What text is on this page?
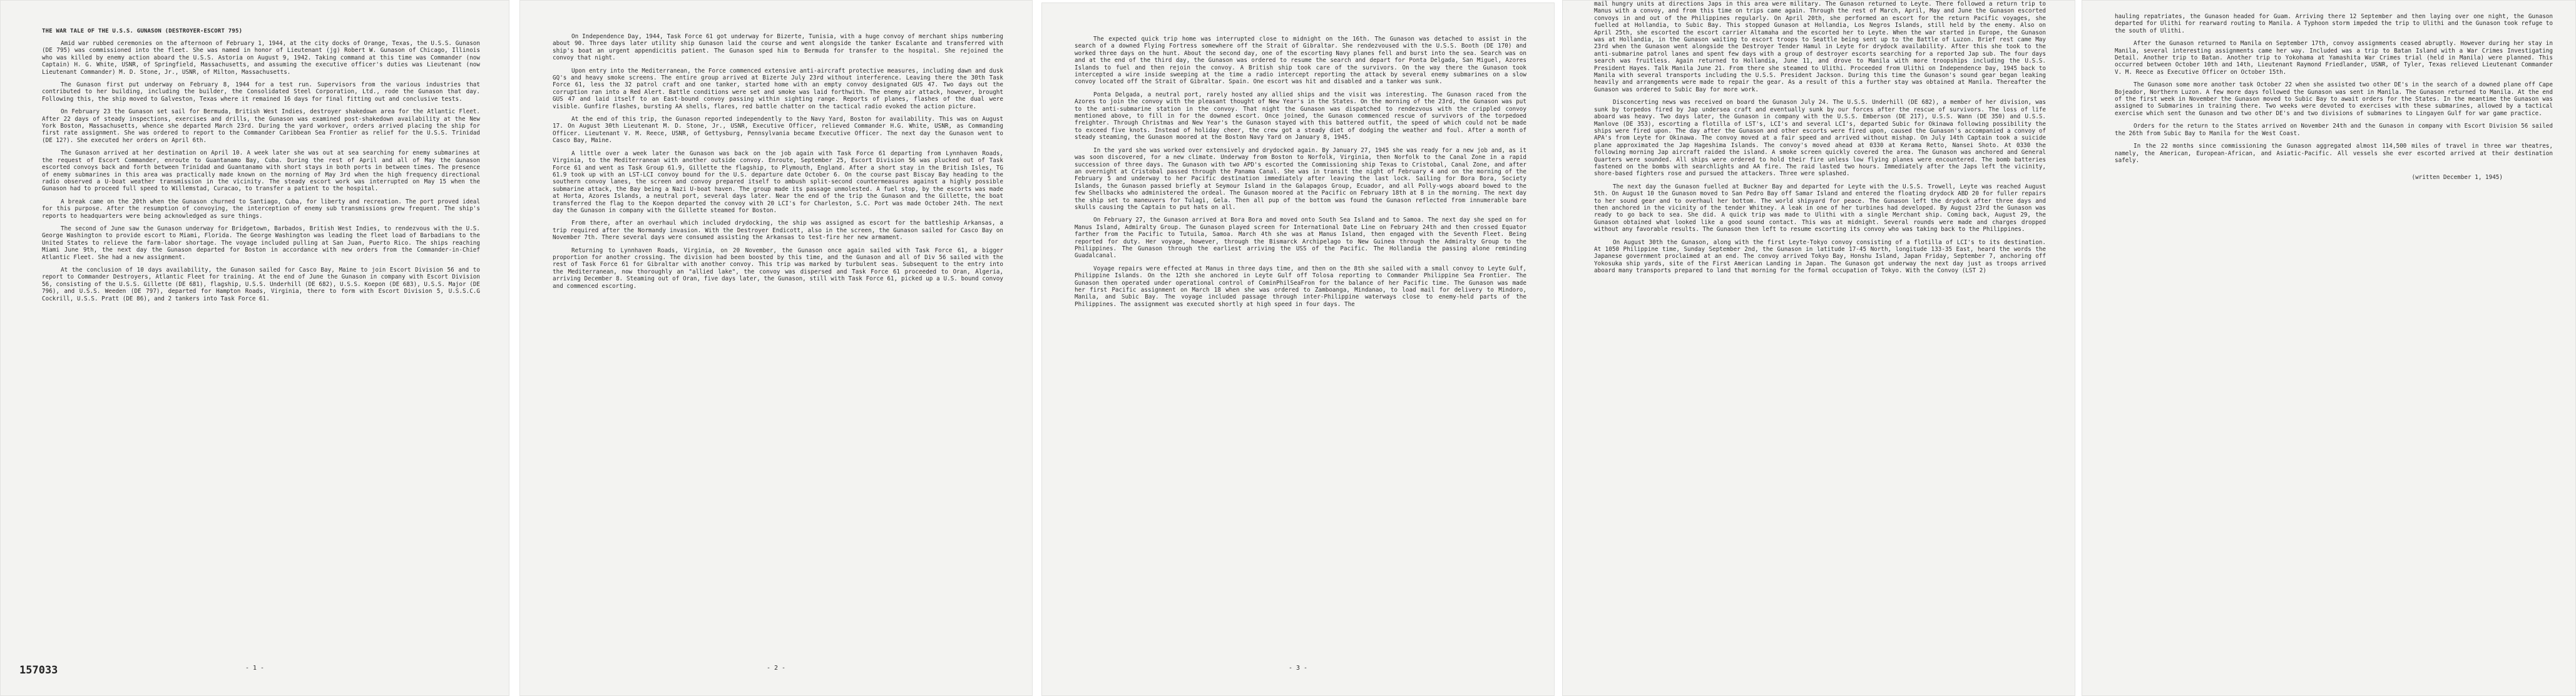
THE WAR TALE OF THE U.S.S. GUNASON (DESTROYER-ESCORT 795)

Amid war rubbed ceremonies on the afternoon of February 1, 1944, at the city docks of Orange, Texas, the U.S.S. Gunason (DE 795) was commissioned into the fleet. She was named in honor of Lieutenant (jg) Robert W. Gunason of Chicago, Illinois who was killed by enemy action aboard the U.S.S. Astoria on August 9, 1942. Taking command at this time was Commander (now Captain) H. G. White, USNR, of Springfield, Massachusetts, and assuming the executive officer's duties was Lieutenant (now Lieutenant Commander) M. D. Stone, Jr., USNR, of Milton, Massachusetts.

The Gunason first put underway on February 8, 1944 for a test run. Supervisors from the various industries that contributed to her building, including the builder, the Consolidated Steel Corporation, Ltd., rode the Gunason that day. Following this, the ship moved to Galveston, Texas where it remained 16 days for final fitting out and conclusive tests.

On February 23 the Gunason set sail for Bermuda, British West Indies, destroyer shakedown area for the Atlantic Fleet. After 22 days of steady inspections, exercises and drills, the Gunason was examined post-shakedown availability at the New York Boston, Massachusetts, whence she departed March 23rd. During the yard workover, orders arrived placing the ship for first rate assignment. She was ordered to report to the Commander Caribbean Sea Frontier as relief for the U.S.S. Trinidad (DE 12?). She executed her orders on April 6th.

The Gunason arrived at her destination on April 10. A week later she was out at sea searching for enemy submarines at the request of Escort Commander, enroute to Guantanamo Bay, Cuba. During the rest of April and all of May the Gunason escorted convoys back and forth between Trinidad and Guantanamo with short stays in both ports in between times. The presence of enemy submarines in this area was practically made known on the morning of May 3rd when the high frequency directional radio observed a U-boat weather transmission in the vicinity. The steady escort work was interrupted on May 15 when the Gunason had to proceed full speed to Willemstad, Curacao, to transfer a patient to the hospital.

A break came on the 20th when the Gunason churned to Santiago, Cuba, for liberty and recreation. The port proved ideal for this purpose. After the resumption of convoying, the interception of enemy sub transmissions grew frequent. The ship's reports to headquarters were being acknowledged as sure things.

The second of June saw the Gunason underway for Bridgetown, Barbados, British West Indies, to rendezvous with the U.S. George Washington to provide escort to Miami, Florida. The George Washington was leading the fleet load of Barbadians to the United States to relieve the farm-labor shortage. The voyage included pulling at San Juan, Puerto Rico. The ships reaching Miami June 9th, the next day the Gunason departed for Boston in accordance with new orders from the Commander-in-Chief Atlantic Fleet. She had a new assignment.

At the conclusion of 10 days availability, the Gunason sailed for Casco Bay, Maine to join Escort Division 56 and to report to Commander Destroyers, Atlantic Fleet for training. At the end of June the Gunason in company with Escort Division 56, consisting of the U.S.S. Gillette (DE 681), flagship, U.S.S. Underhill (DE 682), U.S.S. Koepon (DE 683), U.S.S. Major (DE 796), and U.S.S. Weeden (DE 797), departed for Hampton Roads, Virginia, there to form with Escort Division 5, U.S.S.C.G Cockrill, U.S.S. Pratt (DE 86), and 2 tankers into Task Force 61.

157033	- 1 -

On Independence Day, 1944, Task Force 61 got underway for Bizerte, Tunisia, with a huge convoy of merchant ships numbering about 90. Three days later utility ship Gunason laid the course and went alongside the tanker Escalante and transferred with ship's boat an urgent appendicitis patient. The Gunason sped him to Bermuda for transfer to the hospital. She rejoined the convoy that night.

Upon entry into the Mediterranean, the Force commenced extensive anti-aircraft protective measures, including dawn and dusk GQ's and heavy smoke screens. The entire group arrived at Bizerte July 23rd without interference. Leaving there the 30th Task Force 61, less the 32 patrol craft and one tanker, started home with an empty convoy designated GUS 47. Two days out the corruption ran into a Red Alert. Battle conditions were set and smoke was laid forthwith. The enemy air attack, however, brought GUS 47 and laid itself to an East-bound convoy passing within sighting range. Reports of planes, flashes of the dual were visible. Gunfire flashes, bursting AA shells, flares, red battle chatter on the tactical radio evoked the action picture.

At the end of this trip, the Gunason reported independently to the Navy Yard, Boston for availability. This was on August 17. On August 30th Lieutenant M. D. Stone, Jr., USNR, Executive Officer, relieved Commander H.G. White, USNR, as Commanding Officer. Lieutenant V. M. Reece, USNR, of Gettysburg, Pennsylvania became Executive Officer. The next day the Gunason went to Casco Bay, Maine.

A little over a week later the Gunason was back on the job again with Task Force 61 departing from Lynnhaven Roads, Virginia, to the Mediterranean with another outside convoy. Enroute, September 25, Escort Division 56 was plucked out of Task Force 61 and went as Task Group 61.9, Gillette the flagship, to Plymouth, England. After a short stay in the British Isles, TG 61.9 took up with an LST-LCI convoy bound for the U.S. departure date October 6. On the course past Biscay Bay heading to the southern convoy lanes, the screen and convoy prepared itself to ambush split-second countermeasures against a highly possible submarine attack, the Bay being a Nazi U-boat haven. The group made its passage unmolested. A fuel stop, by the escorts was made at Horta, Azores Islands, a neutral port, several days later. Near the end of the trip the Gunason and the Gillette, the boat transferred the flag to the Koepon departed the convoy with 20 LCI's for Charleston, S.C. Port was made October 24th. The next day the Gunason in company with the Gillette steamed for Boston.

From there, after an overhaul which included drydocking, the ship was assigned as escort for the battleship Arkansas, a trip required after the Normandy invasion. With the Destroyer Endicott, also in the screen, the Gunason sailed for Casco Bay on November 7th. There several days were consumed assisting the Arkansas to test-fire her new armament.

Returning to Lynnhaven Roads, Virginia, on 20 November, the Gunason once again sailed with Task Force 61, a bigger proportion for another crossing. The division had been boosted by this time, and the Gunason and all of Div 56 sailed with the rest of Task Force 61 for Gibraltar with another convoy. This trip was marked by turbulent seas. Subsequent to the entry into the Mediterranean, now thoroughly an "allied lake", the convoy was dispersed and Task Force 61 proceeded to Oran, Algeria, arriving December 8. Steaming out of Oran, five days later, the Gunason, still with Task Force 61, picked up a U.S. bound convoy and commenced escorting.

- 2 -

The expected quick trip home was interrupted close to midnight on the 16th. The Gunason was detached to assist in the search of a downed Flying Fortress somewhere off the Strait of Gibraltar. She rendezvoused with the U.S.S. Booth (DE 170) and worked three days on the hunt. About the second day, one of the escorting Navy planes fell and burst into the sea. Search was on and at the end of the third day, the Gunason was ordered to resume the search and depart for Ponta Delgada, San Miguel, Azores Islands to fuel and then rejoin the convoy. A British ship took care of the survivors. On the way there the Gunason took intercepted a wire inside sweeping at the time a radio intercept reporting the attack by several enemy submarines on a slow convoy located off the Strait of Gibraltar. Spain. One escort was hit and disabled and a tanker was sunk.

Ponta Delgada, a neutral port, rarely hosted any allied ships and the visit was interesting. The Gunason raced from the Azores to join the convoy with the pleasant thought of New Year's in the States. On the morning of the 23rd, the Gunason was put to the anti-submarine station in the convoy. That night the Gunason was dispatched to rendezvous with the crippled convoy mentioned above, to fill in for the downed escort. Once joined, the Gunason commenced rescue of survivors of the torpedoed freighter. Through Christmas and New Year's the Gunason stayed with this battered outfit, the speed of which could not be made to exceed five knots. Instead of holiday cheer, the crew got a steady diet of dodging the weather and foul. After a month of steady steaming, the Gunason moored at the Boston Navy Yard on January 8, 1945.

In the yard she was worked over extensively and drydocked again. By January 27, 1945 she was ready for a new job and, as it was soon discovered, for a new climate. Underway from Boston to Norfolk, Virginia, then Norfolk to the Canal Zone in a rapid succession of three days. The Gunason with two APD's escorted the Commissioning ship Texas to Cristobal, Canal Zone, and after an overnight at Cristobal passed through the Panama Canal. She was in transit the night of February 4 and on the morning of the February 5 and underway to her Pacific destination immediately after leaving the last lock. Sailing for Bora Bora, Society Islands, the Gunason passed briefly at Seymour Island in the Galapagos Group, Ecuador, and all Polly-wogs aboard bowed to the few Shellbacks who administered the ordeal. The Gunason moored at the Pacific on February 18th at 8 in the morning. The next day the ship set to maneuvers for Tulagi, Gela. Then all pup of the bottom was found the Gunason reflected from innumerable bare skulls causing the Captain to put hats on all.

On February 27, the Gunason arrived at Bora Bora and moved onto South Sea Island and to Samoa. The next day she sped on for Manus Island, Admiralty Group. The Gunason played screen for International Date Line on February 24th and then crossed Equator farther from the Pacific to Tutuila, Samoa. March 4th she was at Manus Island, then engaged with the Seventh Fleet. Being reported for duty. Her voyage, however, through the Bismarck Archipelago to New Guinea through the Admiralty Group to the Philippines. The Gunason through the earliest arriving the USS of the Pacific. The Hollandia the passing alone reminding Guadalcanal.

Voyage repairs were effected at Manus in three days time, and then on the 8th she sailed with a small convoy to Leyte Gulf, Philippine Islands. On the 12th she anchored in Leyte Gulf off Tolosa reporting to Commander Philippine Sea Frontier. The Gunason then operated under operational control of CominPhilSeaFron for the balance of her Pacific time. The Gunason was made her first Pacific assignment on March 18 when she was ordered to Zamboanga, Mindanao, to load mail for delivery to Mindoro, Manila, and Subic Bay. The voyage included passage through inter-Philippine waterways close to enemy-held parts of the Philippines. The assignment was executed shortly at high speed in four days. The

- 3 -

mail hungry units at directions Japs in this area were military. The Gunason returned to Leyte. There followed a return trip to Manus with a convoy, and from this time on trips came again. Through the rest of March, April, May and June the Gunason escorted convoys in and out of the Philippines regularly. On April 20th, she performed an escort for the return Pacific voyages, she fuelled at Hollandia, to Subic Bay. This stopped Gunason at Hollandia, Los Negros Islands, still held by the enemy. Also on April 25th, she escorted the escort carrier Altamaha and the escorted her to Leyte. When the war started in Europe, the Gunason was at Hollandia, in the Gunason waiting to escort troops to Seattle being sent up to the Battle of Luzon. Brief rest came May 23rd when the Gunason went alongside the Destroyer Tender Hamul in Leyte for drydock availability. After this she took to the anti-submarine patrol lanes and spent few days with a group of destroyer escorts searching for a reported Jap sub. The four days search was fruitless. Again returned to Hollandia, June 11, and drove to Manila with more troopships including the U.S.S. President Hayes. Talk Manila June 21. From there she steamed to Ulithi. Proceeded from Ulithi on Independence Day, 1945 back to Manila with several transports including the U.S.S. President Jackson. During this time the Gunason's sound gear began leaking heavily and arrangements were made to repair the gear. As a result of this a further stay was obtained at Manila. Thereafter the Gunason was ordered to Subic Bay for more work.

Disconcerting news was received on board the Gunason July 24. The U.S.S. Underhill (DE 682), a member of her division, was sunk by torpedos fired by Jap undersea craft and eventually sunk by our forces after the rescue of survivors. The loss of life aboard was heavy. Two days later, the Gunason in company with the U.S.S. Emberson (DE 217), U.S.S. Wann (DE 350) and U.S.S. Manlove (DE 353), escorting a flotilla of LST's, LCI's and several LCI's, departed Subic for Okinawa following possibility the ships were fired upon. The day after the Gunason and other escorts were fired upon, caused the Gunason's accompanied a convoy of APA's from Leyte for Okinawa. The convoy moved at a fair speed and arrived without mishap. On July 14th Captain took a suicide plane approximated the Jap Hageshima Islands. The convoy's moved ahead at 0330 at Kerama Retto, Nansei Shoto. At 0330 the following morning Jap aircraft raided the island. A smoke screen quickly covered the area. The Gunason was anchored and General Quarters were sounded. All ships were ordered to hold their fire unless low flying planes were encountered. The bomb batteries fastened on the bombs with searchlights and AA fire. The raid lasted two hours. Immediately after the Japs left the vicinity, shore-based fighters rose and pursued the attackers. Three were splashed.

The next day the Gunason fuelled at Buckner Bay and departed for Leyte with the U.S.S. Trowell, Leyte was reached August 5th. On August 10 the Gunason moved to San Pedro Bay off Samar Island and entered the floating drydock ABD 20 for fuller repairs to her sound gear and to overhaul her bottom. The world shipyard for peace. The Gunason left the drydock after three days and then anchored in the vicinity of the tender Whitney. A leak in one of her turbines had developed. By August 23rd the Gunason was ready to go back to sea. She did. A quick trip was made to Ulithi with a single Merchant ship. Coming back, August 29, the Gunason obtained what looked like a good sound contact. This was at midnight. Several rounds were made and charges dropped without any favorable results. The Gunason then left to resume escorting its convoy who was taking back to the Philippines.

On August 30th the Gunason, along with the first Leyte-Tokyo convoy consisting of a flotilla of LCI's to its destination. At 1050 Philippine time, Sunday September 2nd, the Gunason in latitude 17-45 North, longitude 133-35 East, heard the words the Japanese government proclaimed at an end. The convoy arrived Tokyo Bay, Honshu Island, Japan Friday, September 7, anchoring off Yokosuka ship yards, site of the First American Landing in Japan. The Gunason got underway the next day just as troops arrived aboard many transports prepared to land that morning for the formal occupation of Tokyo. With the Convoy (LST 2)

hauling repatriates, the Gunason headed for Guam. Arriving there 12 September and then laying over one night, the Gunason departed for Ulithi for rearward routing to Manila. A Typhoon storm impeded the trip to Ulithi and the Gunason took refuge to the south of Ulithi.

After the Gunason returned to Manila on September 17th, convoy assignments ceased abruptly. However during her stay in Manila, several interesting assignments came her way. Included was a trip to Batan Island with a War Crimes Investigating Detail. Another trip to Batan. Another trip to Yokohama at Yamashita War Crimes trial (held in Manila) were planned. This occurred between October 10th and 14th, Lieutenant Raymond Friedlander, USNR, of Tyler, Texas relieved Lieutenant Commander V. M. Reece as Executive Officer on October 15th.

The Gunason some more another task October 22 when she assisted two other DE's in the search of a downed plane off Cape Bojeador, Northern Luzon. A few more days followed the Gunason was sent in Manila. The Gunason returned to Manila. At the end of the first week in November the Gunason moved to Subic Bay to await orders for the States. In the meantime the Gunason was assigned to Submarines in training there. Two weeks were devoted to exercises with these submarines, allowed by a tactical exercise which sent the Gunason and two other DE's and two divisions of submarines to Lingayen Gulf for war game practice.

Orders for the return to the States arrived on November 24th and the Gunason in company with Escort Division 56 sailed the 26th from Subic Bay to Manila for the West Coast.

In the 22 months since commissioning the Gunason aggregated almost 114,500 miles of travel in three war theatres, namely, the American, European-African, and Asiatic-Pacific. All vessels she ever escorted arrived at their destination safely.

(written December 1, 1945)
